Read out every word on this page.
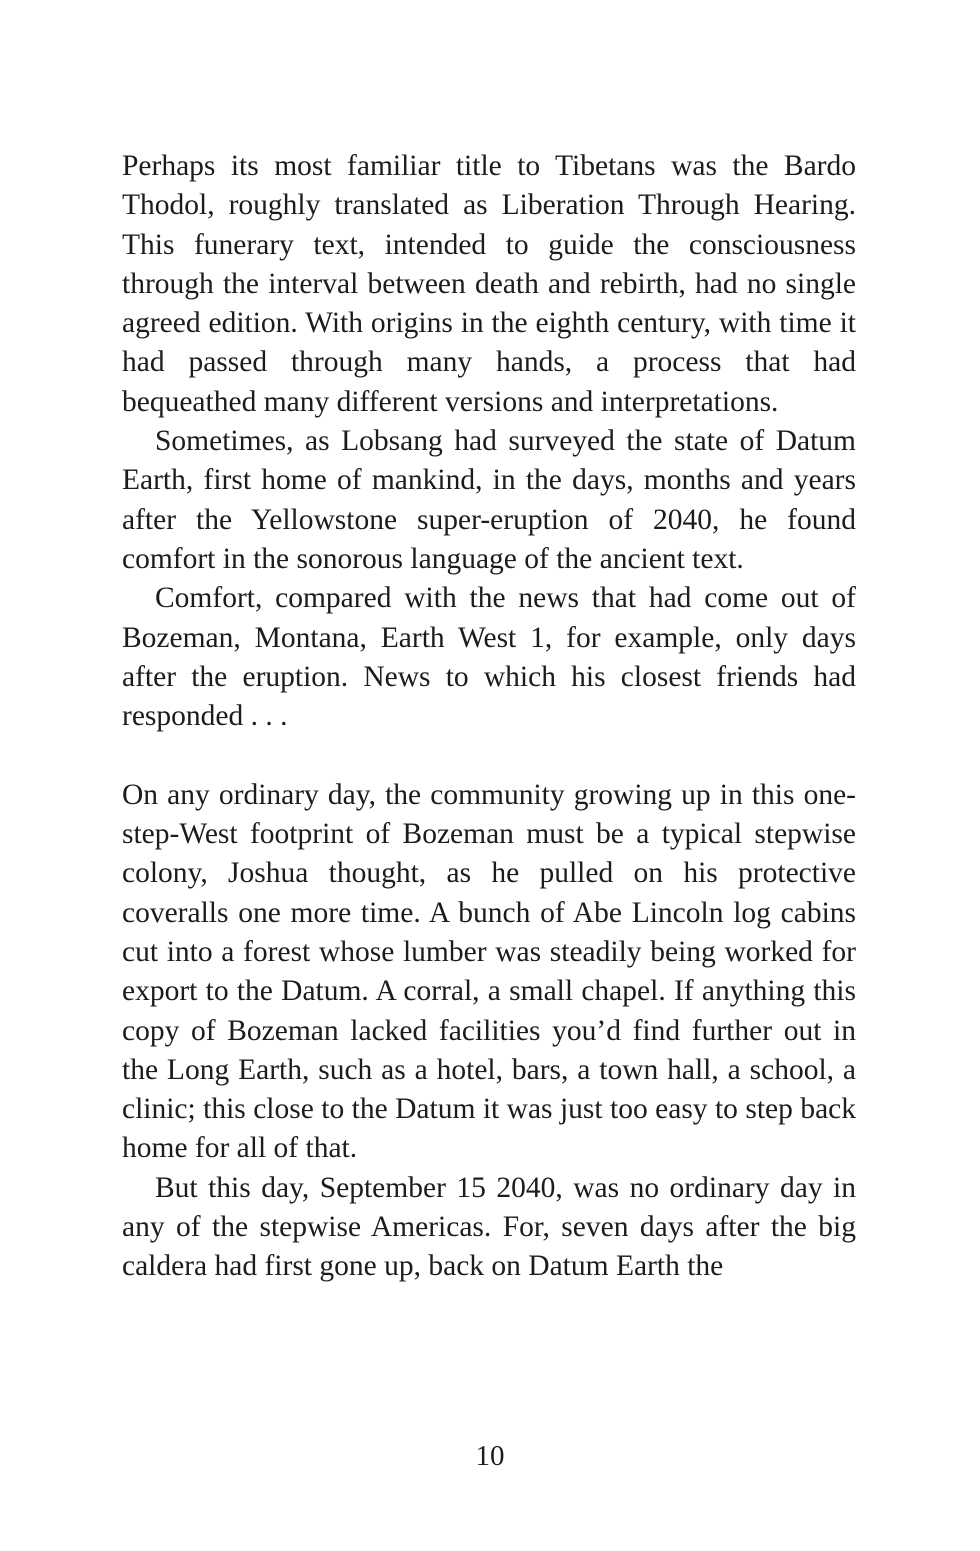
Perhaps its most familiar title to Tibetans was the Bardo Thodol, roughly translated as Liberation Through Hearing. This funerary text, intended to guide the consciousness through the interval between death and rebirth, had no single agreed edition. With origins in the eighth century, with time it had passed through many hands, a process that had bequeathed many different versions and interpretations.

Sometimes, as Lobsang had surveyed the state of Datum Earth, first home of mankind, in the days, months and years after the Yellowstone super-eruption of 2040, he found comfort in the sonorous language of the ancient text.

Comfort, compared with the news that had come out of Bozeman, Montana, Earth West 1, for example, only days after the eruption. News to which his closest friends had responded . . .

On any ordinary day, the community growing up in this one-step-West footprint of Bozeman must be a typical stepwise colony, Joshua thought, as he pulled on his protective coveralls one more time. A bunch of Abe Lincoln log cabins cut into a forest whose lumber was steadily being worked for export to the Datum. A corral, a small chapel. If anything this copy of Bozeman lacked facilities you’d find further out in the Long Earth, such as a hotel, bars, a town hall, a school, a clinic; this close to the Datum it was just too easy to step back home for all of that.

But this day, September 15 2040, was no ordinary day in any of the stepwise Americas. For, seven days after the big caldera had first gone up, back on Datum Earth the

10
